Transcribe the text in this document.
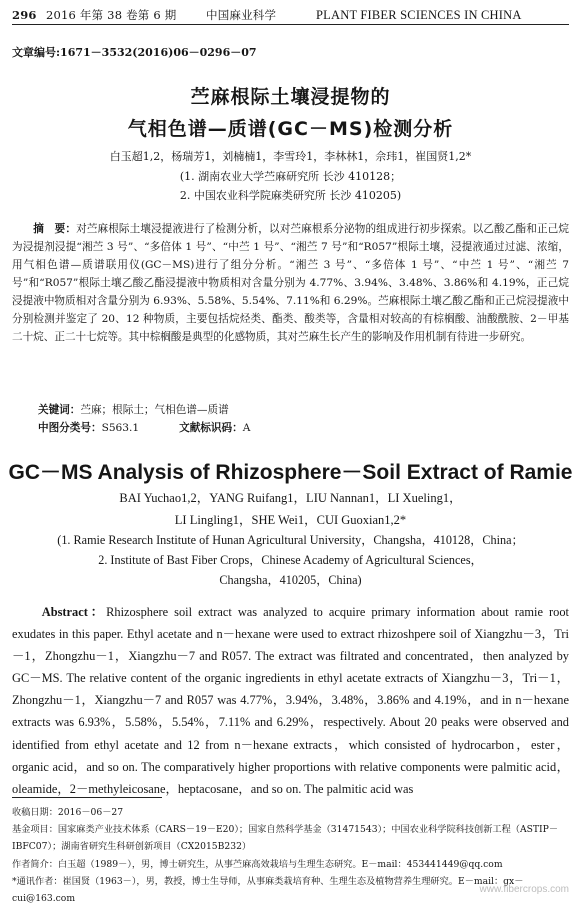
296 2016 年第 38 卷第 6 期	中国麻业科学	PLANT FIBER SCIENCES IN CHINA
文章编号:1671－3532(2016)06－0296－07
苎麻根际土壤浸提物的
气相色谱—质谱(GC－MS)检测分析
白玉超1,2，杨瑞芳1，刘楠楠1，李雪玲1，李林林1，佘玮1，崔国贤1,2*
(1. 湖南农业大学苎麻研究所 长沙 410128；
2. 中国农业科学院麻类研究所 长沙 410205)
摘　要：对苎麻根际土壤浸提液进行了检测分析，以对苎麻根系分泌物的组成进行初步探索。以乙酸乙酯和正己烷为浸提剂浸提“湘苎 3 号”、“多倍体 1 号”、“中苎 1 号”、“湘苎 7 号”和“R057”根际土壤，浸提液通过过滤、浓缩，用气相色谱—质谱联用仪(GC－MS)进行了组分分析。“湘苎 3 号”、“多倍体 1 号”、“中苎 1 号”、“湘苎 7 号”和“R057”根际土壤乙酸乙酯浸提液中物质相对含量分别为 4.77%、3.94%、3.48%、3.86%和 4.19%，正己烷浸提液中物质相对含量分别为 6.93%、5.58%、5.54%、7.11%和 6.29%。苎麻根际土壤乙酸乙酯和正己烷浸提液中分别检测并鉴定了 20、12 种物质，主要包括烷烃类、酯类、酸类等，含量相对较高的有棕榈酸、油酸酰胺、2－甲基二十烷、正二十七烷等。其中棕榈酸是典型的化感物质，其对苎麻生长产生的影响及作用机制有待进一步研究。
关键词：苎麻；根际土；气相色谱—质谱
中图分类号：S563.1	文献标识码：A
GC－MS Analysis of Rhizosphere－Soil Extract of Ramie
BAI Yuchao1,2，YANG Ruifang1，LIU Nannan1，LI Xueling1，
LI Lingling1，SHE Wei1，CUI Guoxian1,2*
(1. Ramie Research Institute of Hunan Agricultural University，Changsha，410128，China；
2. Institute of Bast Fiber Crops，Chinese Academy of Agricultural Sciences，
Changsha，410205，China)
Abstract：Rhizosphere soil extract was analyzed to acquire primary information about ramie root exudates in this paper. Ethyl acetate and n－hexane were used to extract rhizoshpere soil of Xiangzhu－3，Tri－1，Zhongzhu－1，Xiangzhu－7 and R057. The extract was filtrated and concentrated，then analyzed by GC－MS. The relative content of the organic ingredients in ethyl acetate extracts of Xiangzhu－3，Tri－1，Zhongzhu－1，Xiangzhu－7 and R057 was 4.77%，3.94%，3.48%，3.86% and 4.19%，and in n－hexane extracts was 6.93%，5.58%，5.54%，7.11% and 6.29%，respectively. About 20 peaks were observed and identified from ethyl acetate and 12 from n－hexane extracts，which consisted of hydrocarbon，ester，organic acid，and so on. The comparatively higher proportions with relative components were palmitic acid，oleamide，2－methyleicosane，heptacosane，and so on. The palmitic acid was
收稿日期：2016－06－27
基金项目：国家麻类产业技术体系（CARS－19－E20）；国家自然科学基金（31471543）；中国农业科学院科技创新工程（ASTIP－IBFC07）；湖南省研究生科研创新项目（CX2015B232）
作者简介：白玉超（1989－），男，博士研究生，从事苎麻高效栽培与生理生态研究。E－mail：453441449@qq.com
*通讯作者：崔国贤（1963－），男，教授，博士生导师，从事麻类栽培育种、生理生态及植物营养生理研究。E－mail：gx－cui@163.com
www.fibercrops.com
